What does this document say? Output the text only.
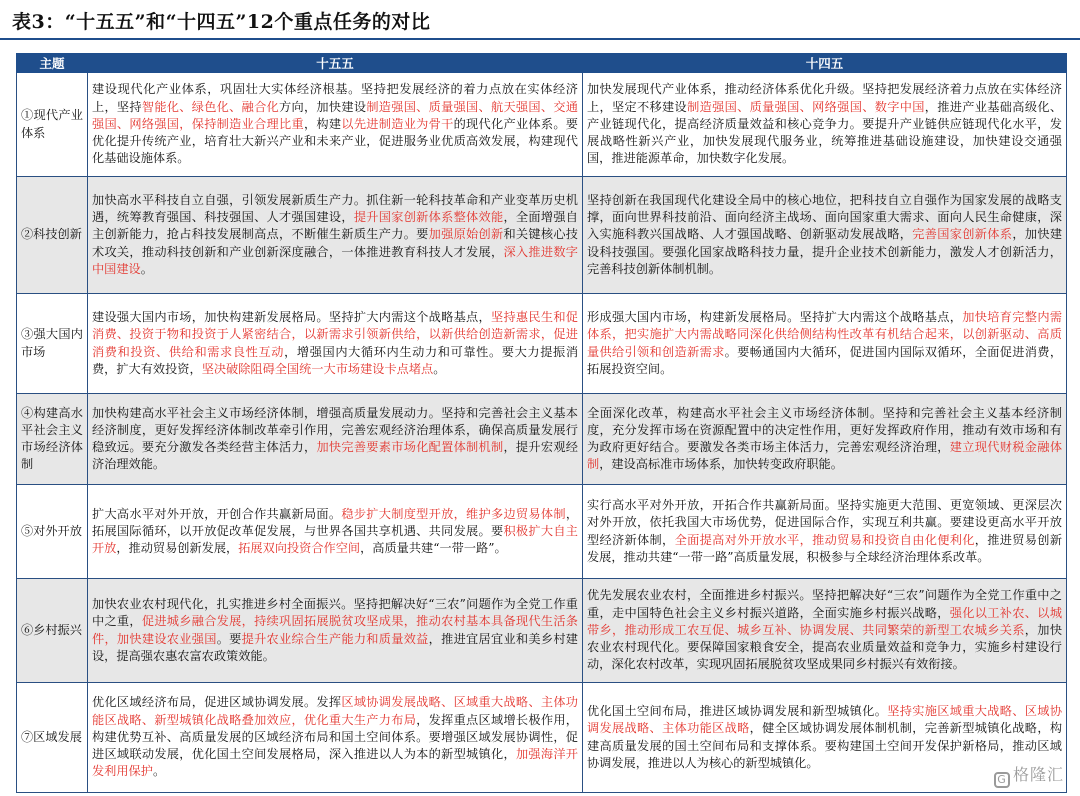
表3：“十五五”和“十四五”12个重点任务的对比
主题	十五五	十四五
①现代产业体系	建设现代化产业体系，巩固壮大实体经济根基。坚持把发展经济的着力点放在实体经济上，坚持智能化、绿色化、融合化方向，加快建设制造强国、质量强国、航天强国、交通强国、网络强国，保持制造业合理比重，构建以先进制造业为骨干的现代化产业体系。要优化提升传统产业，培育壮大新兴产业和未来产业，促进服务业优质高效发展，构建现代化基础设施体系。	加快发展现代产业体系，推动经济体系优化升级。坚持把发展经济着力点放在实体经济上，坚定不移建设制造强国、质量强国、网络强国、数字中国，推进产业基础高级化、产业链现代化，提高经济质量效益和核心竞争力。要提升产业链供应链现代化水平，发展战略性新兴产业，加快发展现代服务业，统筹推进基础设施建设，加快建设交通强国，推进能源革命，加快数字化发展。
②科技创新	加快高水平科技自立自强，引领发展新质生产力。抓住新一轮科技革命和产业变革历史机遇，统筹教育强国、科技强国、人才强国建设，提升国家创新体系整体效能，全面增强自主创新能力，抢占科技发展制高点，不断催生新质生产力。要加强原始创新和关键核心技术攻关，推动科技创新和产业创新深度融合，一体推进教育科技人才发展，深入推进数字中国建设。	坚持创新在我国现代化建设全局中的核心地位，把科技自立自强作为国家发展的战略支撑，面向世界科技前沿、面向经济主战场、面向国家重大需求、面向人民生命健康，深入实施科教兴国战略、人才强国战略、创新驱动发展战略，完善国家创新体系，加快建设科技强国。要强化国家战略科技力量，提升企业技术创新能力，激发人才创新活力，完善科技创新体制机制。
③强大国内市场	建设强大国内市场，加快构建新发展格局。坚持扩大内需这个战略基点，坚持惠民生和促消费、投资于物和投资于人紧密结合，以新需求引领新供给，以新供给创造新需求，促进消费和投资、供给和需求良性互动，增强国内大循环内生动力和可靠性。要大力提振消费，扩大有效投资，坚决破除阻碍全国统一大市场建设卡点堵点。	形成强大国内市场，构建新发展格局。坚持扩大内需这个战略基点，加快培育完整内需体系，把实施扩大内需战略同深化供给侧结构性改革有机结合起来，以创新驱动、高质量供给引领和创造新需求。要畅通国内大循环，促进国内国际双循环，全面促进消费，拓展投资空间。
④构建高水平社会主义市场经济体制	加快构建高水平社会主义市场经济体制，增强高质量发展动力。坚持和完善社会主义基本经济制度，更好发挥经济体制改革牵引作用，完善宏观经济治理体系，确保高质量发展行稳致远。要充分激发各类经营主体活力，加快完善要素市场化配置体制机制，提升宏观经济治理效能。	全面深化改革，构建高水平社会主义市场经济体制。坚持和完善社会主义基本经济制度，充分发挥市场在资源配置中的决定性作用，更好发挥政府作用，推动有效市场和有为政府更好结合。要激发各类市场主体活力，完善宏观经济治理，建立现代财税金融体制，建设高标准市场体系，加快转变政府职能。
⑤对外开放	扩大高水平对外开放，开创合作共赢新局面。稳步扩大制度型开放，维护多边贸易体制，拓展国际循环，以开放促改革促发展，与世界各国共享机遇、共同发展。要积极扩大自主开放，推动贸易创新发展，拓展双向投资合作空间，高质量共建“一带一路”。	实行高水平对外开放，开拓合作共赢新局面。坚持实施更大范围、更宽领域、更深层次对外开放，依托我国大市场优势，促进国际合作，实现互利共赢。要建设更高水平开放型经济新体制，全面提高对外开放水平，推动贸易和投资自由化便利化，推进贸易创新发展，推动共建“一带一路”高质量发展，积极参与全球经济治理体系改革。
⑥乡村振兴	加快农业农村现代化，扎实推进乡村全面振兴。坚持把解决好“三农”问题作为全党工作重中之重，促进城乡融合发展，持续巩固拓展脱贫攻坚成果，推动农村基本具备现代生活条件，加快建设农业强国。要提升农业综合生产能力和质量效益，推进宜居宜业和美乡村建设，提高强农惠农富农政策效能。	优先发展农业农村，全面推进乡村振兴。坚持把解决好“三农”问题作为全党工作重中之重，走中国特色社会主义乡村振兴道路，全面实施乡村振兴战略，强化以工补农、以城带乡，推动形成工农互促、城乡互补、协调发展、共同繁荣的新型工农城乡关系，加快农业农村现代化。要保障国家粮食安全，提高农业质量效益和竞争力，实施乡村建设行动，深化农村改革，实现巩固拓展脱贫攻坚成果同乡村振兴有效衔接。
⑦区域发展	优化区域经济布局，促进区域协调发展。发挥区域协调发展战略、区域重大战略、主体功能区战略、新型城镇化战略叠加效应，优化重大生产力布局，发挥重点区域增长极作用，构建优势互补、高质量发展的区域经济布局和国土空间体系。要增强区域发展协调性，促进区域联动发展，优化国土空间发展格局，深入推进以人为本的新型城镇化，加强海洋开发利用保护。	优化国土空间布局，推进区域协调发展和新型城镇化。坚持实施区域重大战略、区域协调发展战略、主体功能区战略，健全区域协调发展体制机制，完善新型城镇化战略，构建高质量发展的国土空间布局和支撑体系。要构建国土空间开发保护新格局，推动区域协调发展，推进以人为核心的新型城镇化。
G 格隆汇
